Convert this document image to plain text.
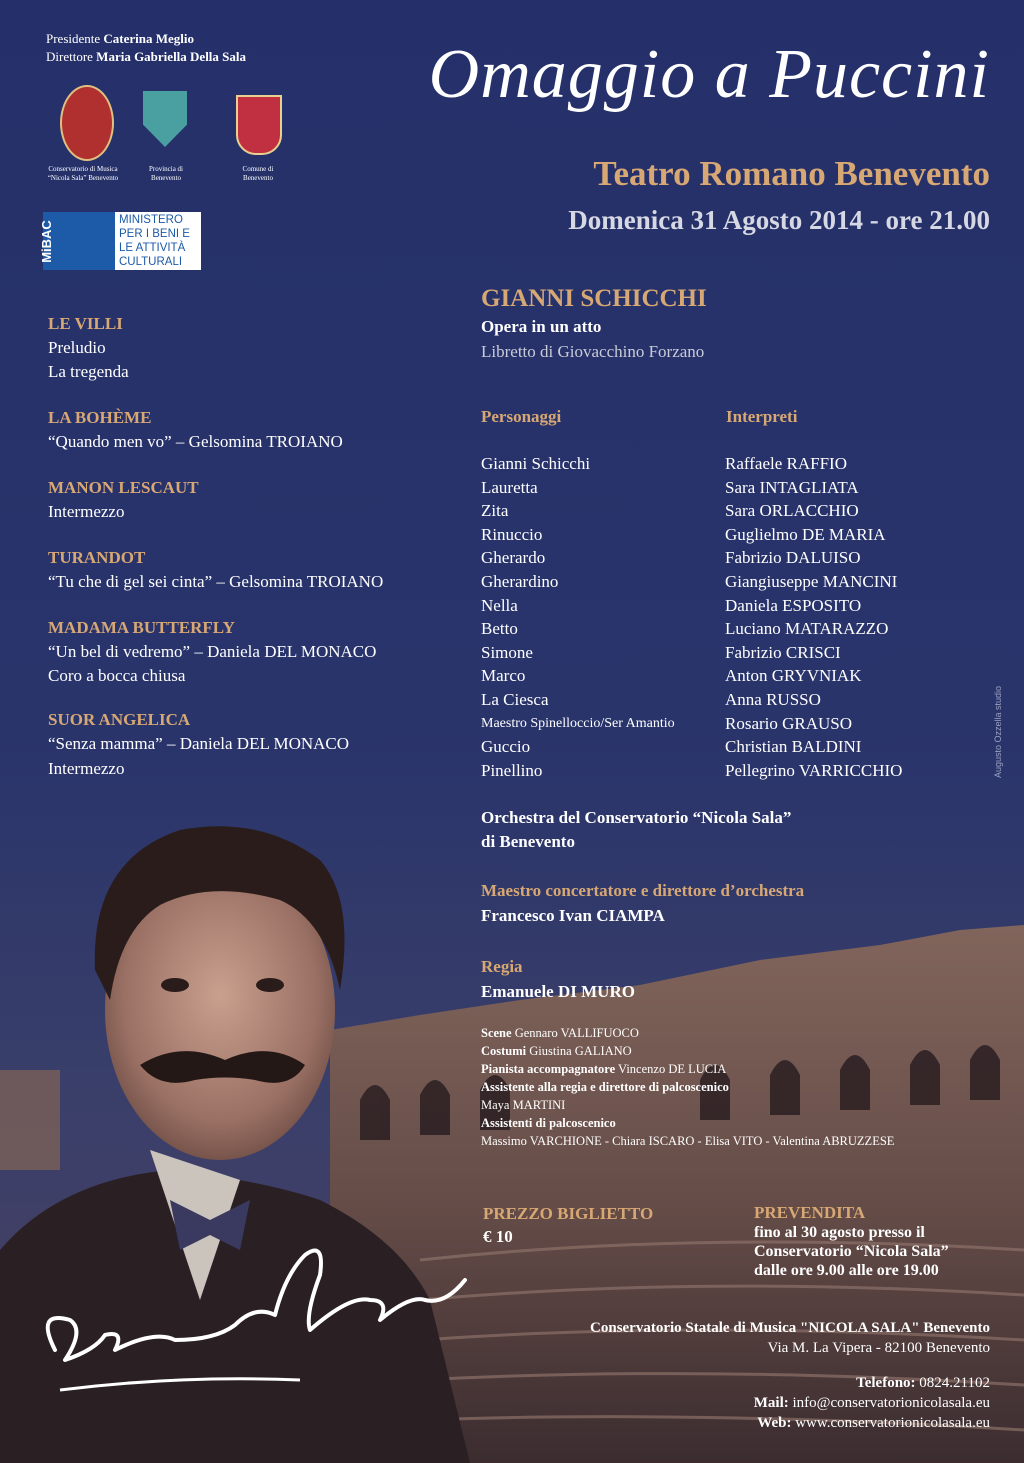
Presidente Caterina Meglio
Direttore Maria Gabriella Della Sala
Conservatorio di Musica
“Nicola Sala” Benevento
Provincia di
Benevento
Comune di
Benevento
MiBAC
MINISTERO
PER I BENI E
LE ATTIVITÀ
CULTURALI
Omaggio a Puccini
Teatro Romano Benevento
Domenica 31 Agosto 2014 - ore 21.00
LE VILLI
Preludio
La tregenda
LA BOHÈME
“Quando men vo” – Gelsomina TROIANO
MANON LESCAUT
Intermezzo
TURANDOT
“Tu che di gel sei cinta” – Gelsomina TROIANO
MADAMA BUTTERFLY
“Un bel di vedremo” – Daniela DEL MONACO
Coro a bocca chiusa
SUOR ANGELICA
“Senza mamma” – Daniela DEL MONACO
Intermezzo
GIANNI SCHICCHI
Opera in un atto
Libretto di Giovacchino Forzano
Personaggi	Interpreti
Gianni Schicchi
Lauretta
Zita
Rinuccio
Gherardo
Gherardino
Nella
Betto
Simone
Marco
La Ciesca
Maestro Spinelloccio/Ser Amantio
Guccio
Pinellino
Raffaele RAFFIO
Sara INTAGLIATA
Sara ORLACCHIO
Guglielmo DE MARIA
Fabrizio DALUISO
Giangiuseppe MANCINI
Daniela ESPOSITO
Luciano MATARAZZO
Fabrizio CRISCI
Anton GRYVNIAK
Anna RUSSO
Rosario GRAUSO
Christian BALDINI
Pellegrino VARRICCHIO	Augusto Ozzella studio
Orchestra del Conservatorio “Nicola Sala”
di Benevento
Maestro concertatore e direttore d’orchestra
Francesco Ivan CIAMPA
Regia
Emanuele DI MURO
Scene Gennaro VALLIFUOCO
Costumi Giustina GALIANO
Pianista accompagnatore Vincenzo DE LUCIA
Assistente alla regia e direttore di palcoscenico
Maya MARTINI
Assistenti di palcoscenico
Massimo VARCHIONE - Chiara ISCARO - Elisa VITO - Valentina ABRUZZESE
PREZZO BIGLIETTO
€ 10
PREVENDITA
fino al 30 agosto presso il
Conservatorio “Nicola Sala”
dalle ore 9.00 alle ore 19.00
Conservatorio Statale di Musica "NICOLA SALA" Benevento
Via M. La Vipera - 82100 Benevento
Telefono: 0824.21102
Mail: info@conservatorionicolasala.eu
Web: www.conservatorionicolasala.eu
